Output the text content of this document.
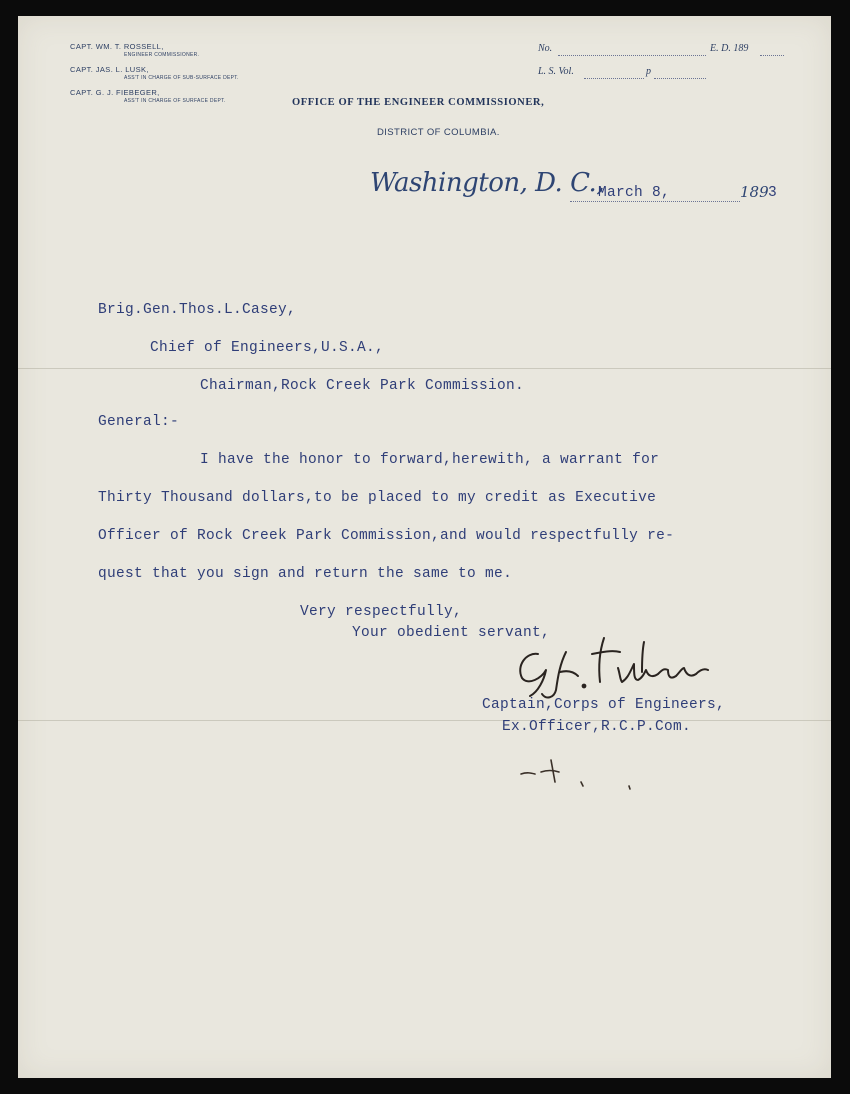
CAPT. WM. T. ROSSELL,
ENGINEER COMMISSIONER.
CAPT. JAS. L. LUSK,
ASS'T IN CHARGE OF SUB-SURFACE DEPT.
CAPT. G. J. FIEBEGER,
ASS'T IN CHARGE OF SURFACE DEPT.	OFFICE OF THE ENGINEER COMMISSIONER,
DISTRICT OF COLUMBIA.
No.	E. D. 189
L. S. Vol.	p
Washington, D. C.,
March 8,	189 3
Brig.Gen.Thos.L.Casey,
Chief of Engineers,U.S.A.,
Chairman,Rock Creek Park Commission.
General:-
I have the honor to forward,herewith, a warrant for
Thirty Thousand dollars,to be placed to my credit as Executive
Officer of Rock Creek Park Commission,and would respectfully re-
quest that you sign and return the same to me.
Very respectfully,
Your obedient servant,
Captain,Corps of Engineers,
Ex.Officer,R.C.P.Com.
